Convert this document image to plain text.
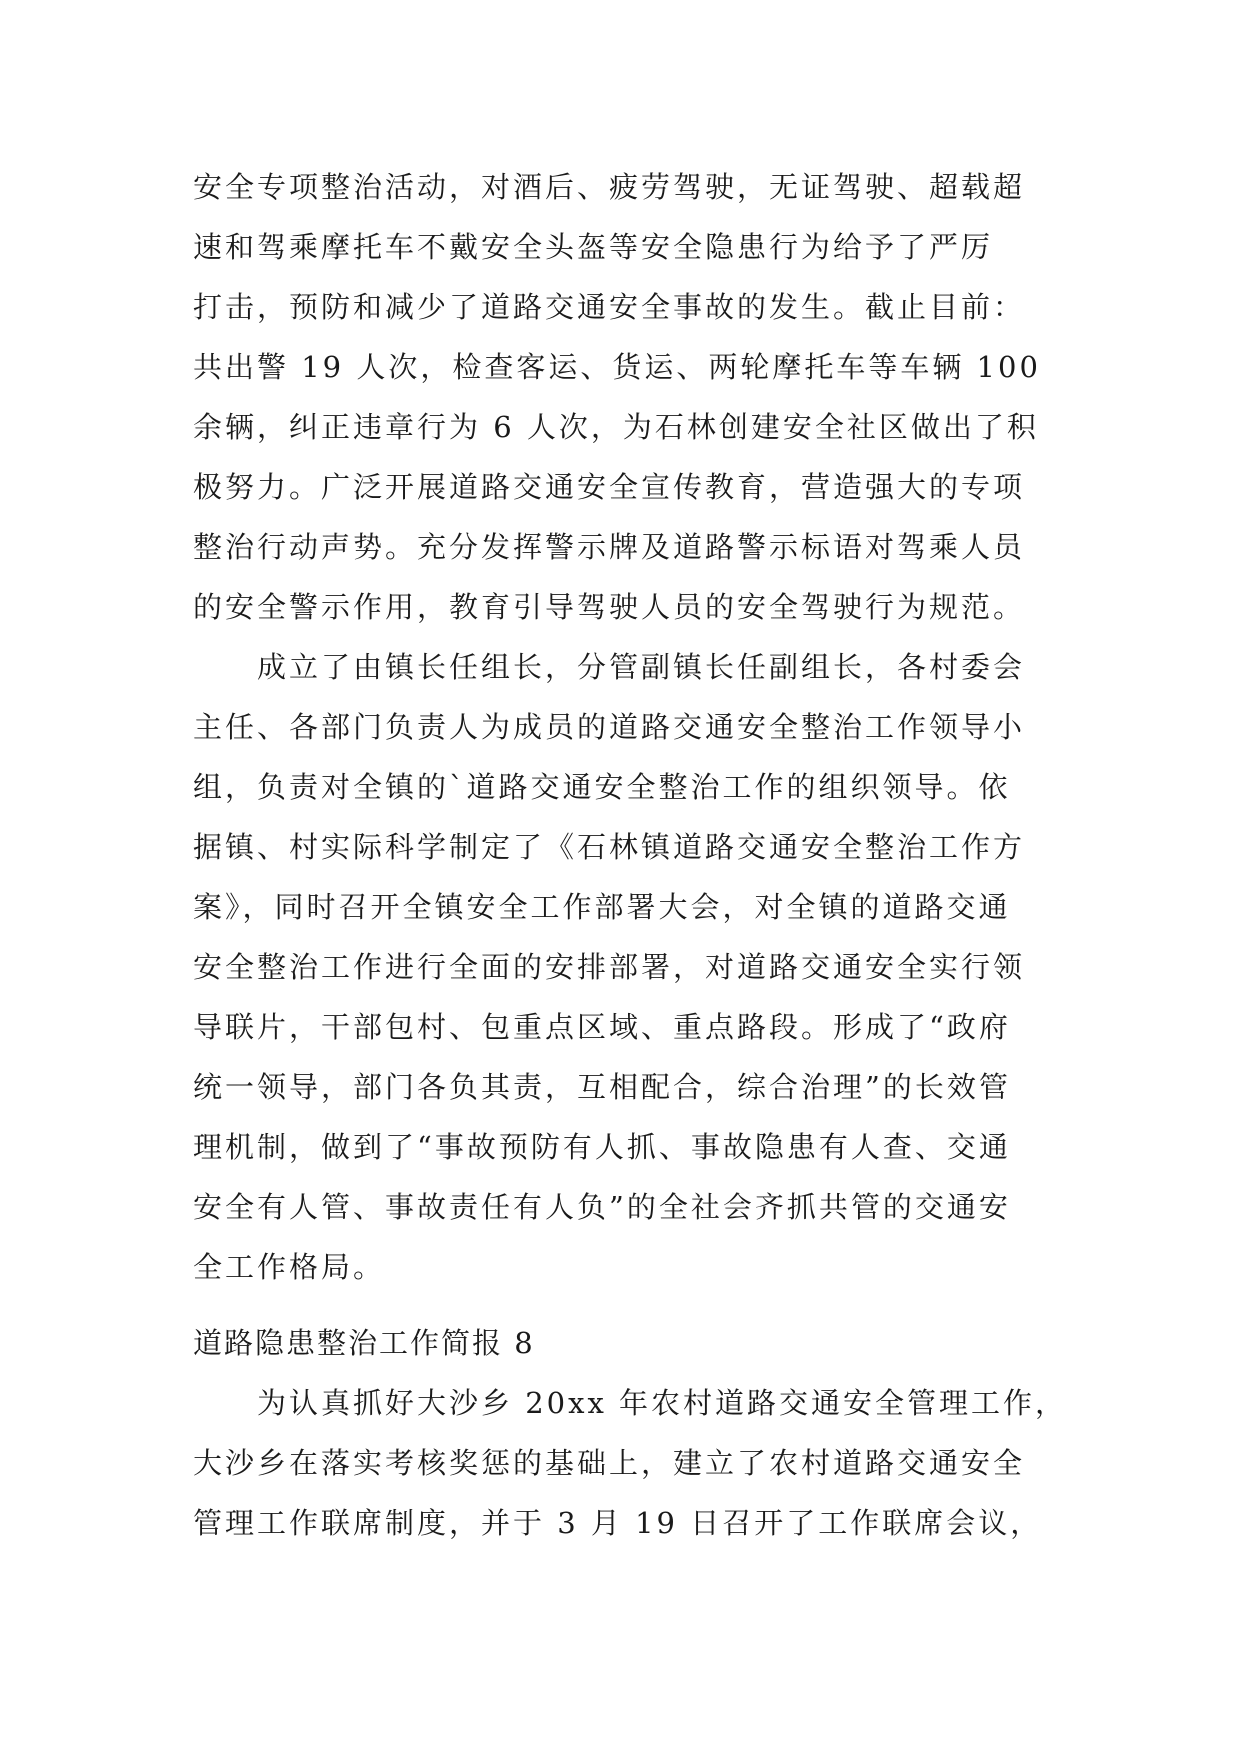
安全专项整治活动，对酒后、疲劳驾驶，无证驾驶、超载超
速和驾乘摩托车不戴安全头盔等安全隐患行为给予了严厉
打击，预防和减少了道路交通安全事故的发生。截止目前：
共出警 19 人次，检查客运、货运、两轮摩托车等车辆 100
余辆，纠正违章行为 6 人次，为石林创建安全社区做出了积
极努力。广泛开展道路交通安全宣传教育，营造强大的专项
整治行动声势。充分发挥警示牌及道路警示标语对驾乘人员
的安全警示作用，教育引导驾驶人员的安全驾驶行为规范。
成立了由镇长任组长，分管副镇长任副组长，各村委会
主任、各部门负责人为成员的道路交通安全整治工作领导小
组，负责对全镇的`道路交通安全整治工作的组织领导。依
据镇、村实际科学制定了《石林镇道路交通安全整治工作方
案》，同时召开全镇安全工作部署大会，对全镇的道路交通
安全整治工作进行全面的安排部署，对道路交通安全实行领
导联片，干部包村、包重点区域、重点路段。形成了“政府
统一领导，部门各负其责，互相配合，综合治理”的长效管
理机制，做到了“事故预防有人抓、事故隐患有人查、交通
安全有人管、事故责任有人负”的全社会齐抓共管的交通安
全工作格局。
道路隐患整治工作简报 8
为认真抓好大沙乡 20xx 年农村道路交通安全管理工作，
大沙乡在落实考核奖惩的基础上，建立了农村道路交通安全
管理工作联席制度，并于 3 月 19 日召开了工作联席会议，
